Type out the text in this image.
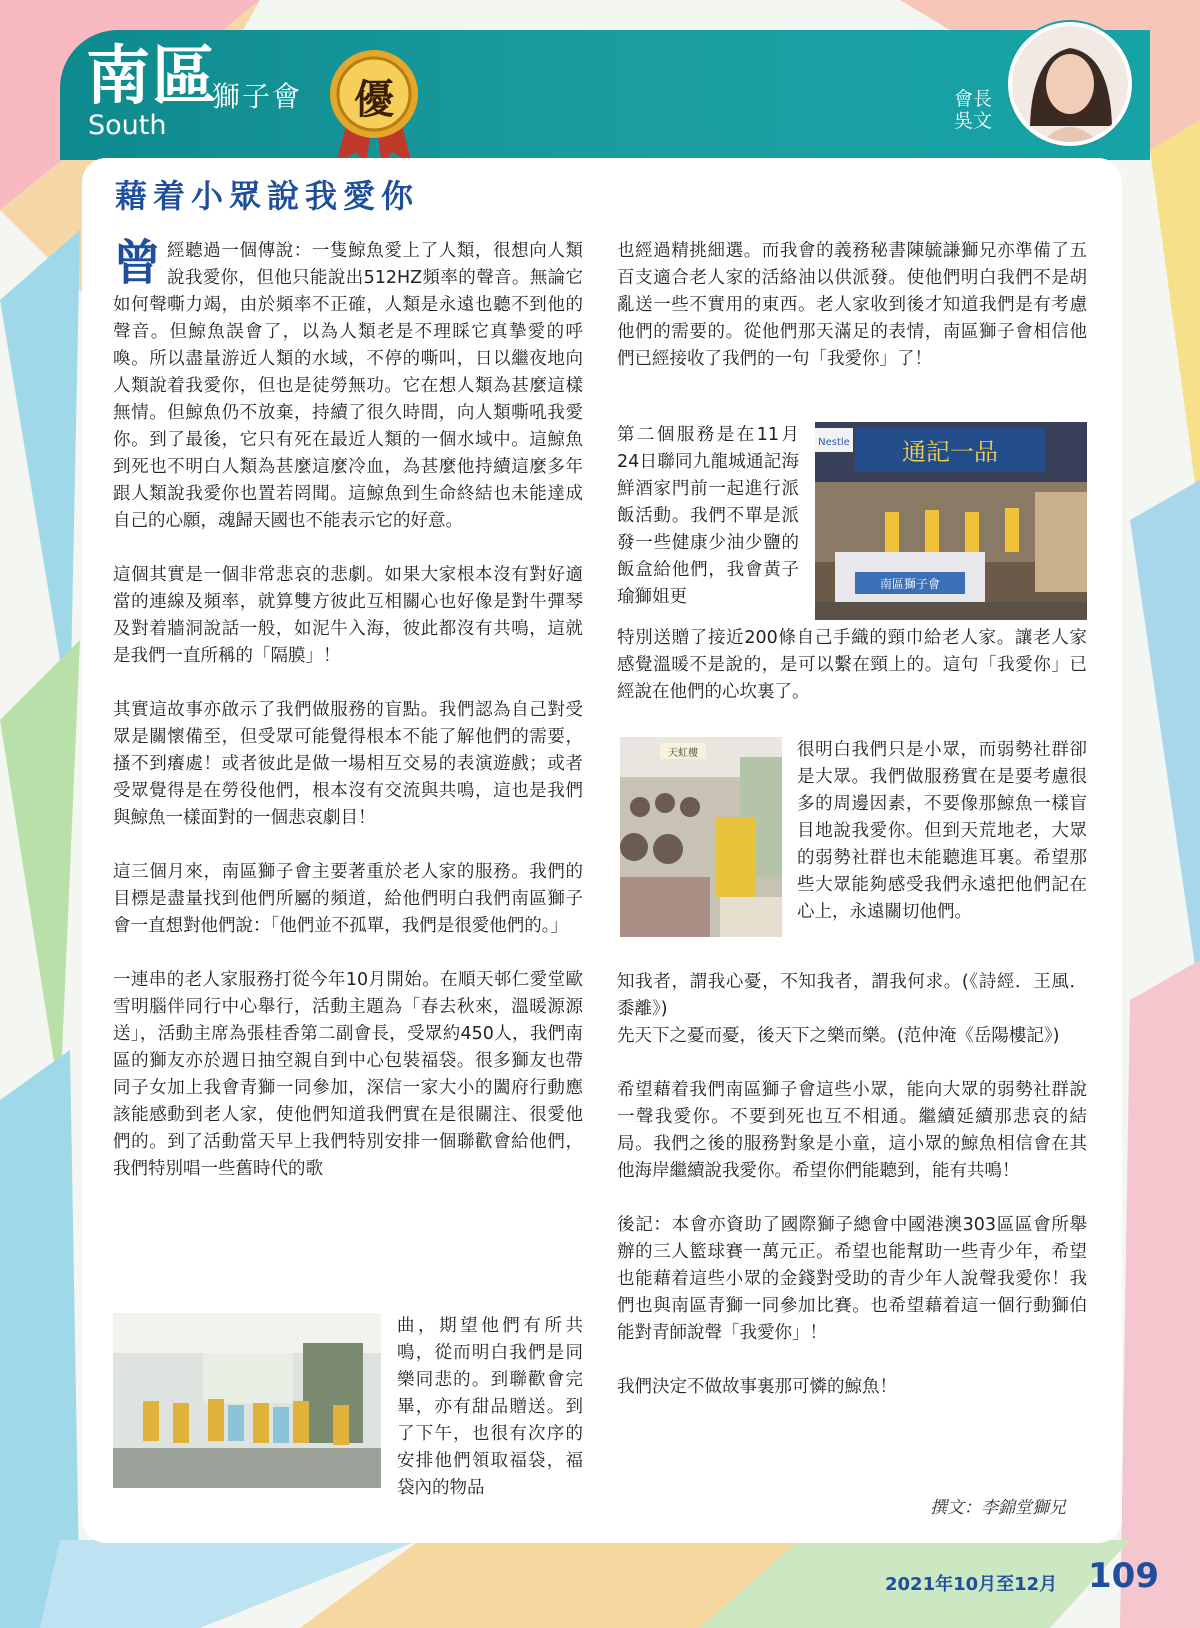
南區
獅子會
South
優	會長
吳文
藉着小眾說我愛你

曾經聽過一個傳說：一隻鯨魚愛上了人類，很想向人類說我愛你，但他只能說出512HZ頻率的聲音。無論它如何聲嘶力竭，由於頻率不正確，人類是永遠也聽不到他的聲音。但鯨魚誤會了，以為人類老是不理睬它真摯愛的呼喚。所以盡量游近人類的水域，不停的嘶叫，日以繼夜地向人類說着我愛你，但也是徒勞無功。它在想人類為甚麼這樣無情。但鯨魚仍不放棄，持續了很久時間，向人類嘶吼我愛你。到了最後，它只有死在最近人類的一個水域中。這鯨魚到死也不明白人類為甚麼這麼冷血，為甚麼他持續這麼多年跟人類說我愛你也置若罔聞。這鯨魚到生命終結也未能達成自己的心願，魂歸天國也不能表示它的好意。

這個其實是一個非常悲哀的悲劇。如果大家根本沒有對好適當的連線及頻率，就算雙方彼此互相關心也好像是對牛彈琴及對着牆洞說話一般，如泥牛入海，彼此都沒有共鳴，這就是我們一直所稱的「隔膜」！

其實這故事亦啟示了我們做服務的盲點。我們認為自己對受眾是關懷備至，但受眾可能覺得根本不能了解他們的需要，搔不到癢處！或者彼此是做一場相互交易的表演遊戲；或者受眾覺得是在勞役他們，根本沒有交流與共鳴，這也是我們與鯨魚一樣面對的一個悲哀劇目！

這三個月來，南區獅子會主要著重於老人家的服務。我們的目標是盡量找到他們所屬的頻道，給他們明白我們南區獅子會一直想對他們說：「他們並不孤單，我們是很愛他們的。」

一連串的老人家服務打從今年10月開始。在順天邨仁愛堂歐雪明腦伴同行中心舉行，活動主題為「春去秋來，溫暖源源送」，活動主席為張桂香第二副會長，受眾約450人，我們南區的獅友亦於週日抽空親自到中心包裝福袋。很多獅友也帶同子女加上我會青獅一同參加，深信一家大小的闔府行動應該能感動到老人家，使他們知道我們實在是很關注、很愛他們的。到了活動當天早上我們特別安排一個聯歡會給他們，我們特別唱一些舊時代的歌

曲，期望他們有所共鳴，從而明白我們是同樂同悲的。到聯歡會完畢，亦有甜品贈送。到了下午，也很有次序的安排他們領取福袋，福袋內的物品

也經過精挑細選。而我會的義務秘書陳毓謙獅兄亦準備了五百支適合老人家的活絡油以供派發。使他們明白我們不是胡亂送一些不實用的東西。老人家收到後才知道我們是有考慮他們的需要的。從他們那天滿足的表情，南區獅子會相信他們已經接收了我們的一句「我愛你」了！

通記一品
Nestle
南區獅子會
第二個服務是在11月24日聯同九龍城通記海鮮酒家門前一起進行派飯活動。我們不單是派發一些健康少油少鹽的飯盒給他們，我會黃子瑜獅姐更
特別送贈了接近200條自己手織的頸巾給老人家。讓老人家感覺溫暖不是說的，是可以繫在頸上的。這句「我愛你」已經說在他們的心坎裏了。
天虹樓	很明白我們只是小眾，而弱勢社群卻是大眾。我們做服務實在是要考慮很多的周邊因素，不要像那鯨魚一樣盲目地說我愛你。但到天荒地老，大眾的弱勢社群也未能聽進耳裏。希望那些大眾能夠感受我們永遠把他們記在心上，永遠關切他們。

知我者，謂我心憂，不知我者，謂我何求。(《詩經．王風．黍離》)

先天下之憂而憂，後天下之樂而樂。(范仲淹《岳陽樓記》)

希望藉着我們南區獅子會這些小眾，能向大眾的弱勢社群說一聲我愛你。不要到死也互不相通。繼續延續那悲哀的結局。我們之後的服務對象是小童，這小眾的鯨魚相信會在其他海岸繼續說我愛你。希望你們能聽到，能有共鳴！

後記：本會亦資助了國際獅子總會中國港澳303區區會所舉辦的三人籃球賽一萬元正。希望也能幫助一些青少年，希望也能藉着這些小眾的金錢對受助的青少年人說聲我愛你！我們也與南區青獅一同參加比賽。也希望藉着這一個行動獅伯能對青師說聲「我愛你」！

我們決定不做故事裏那可憐的鯨魚！

撰文：李錦堂獅兄
2021年10月至12月 109
